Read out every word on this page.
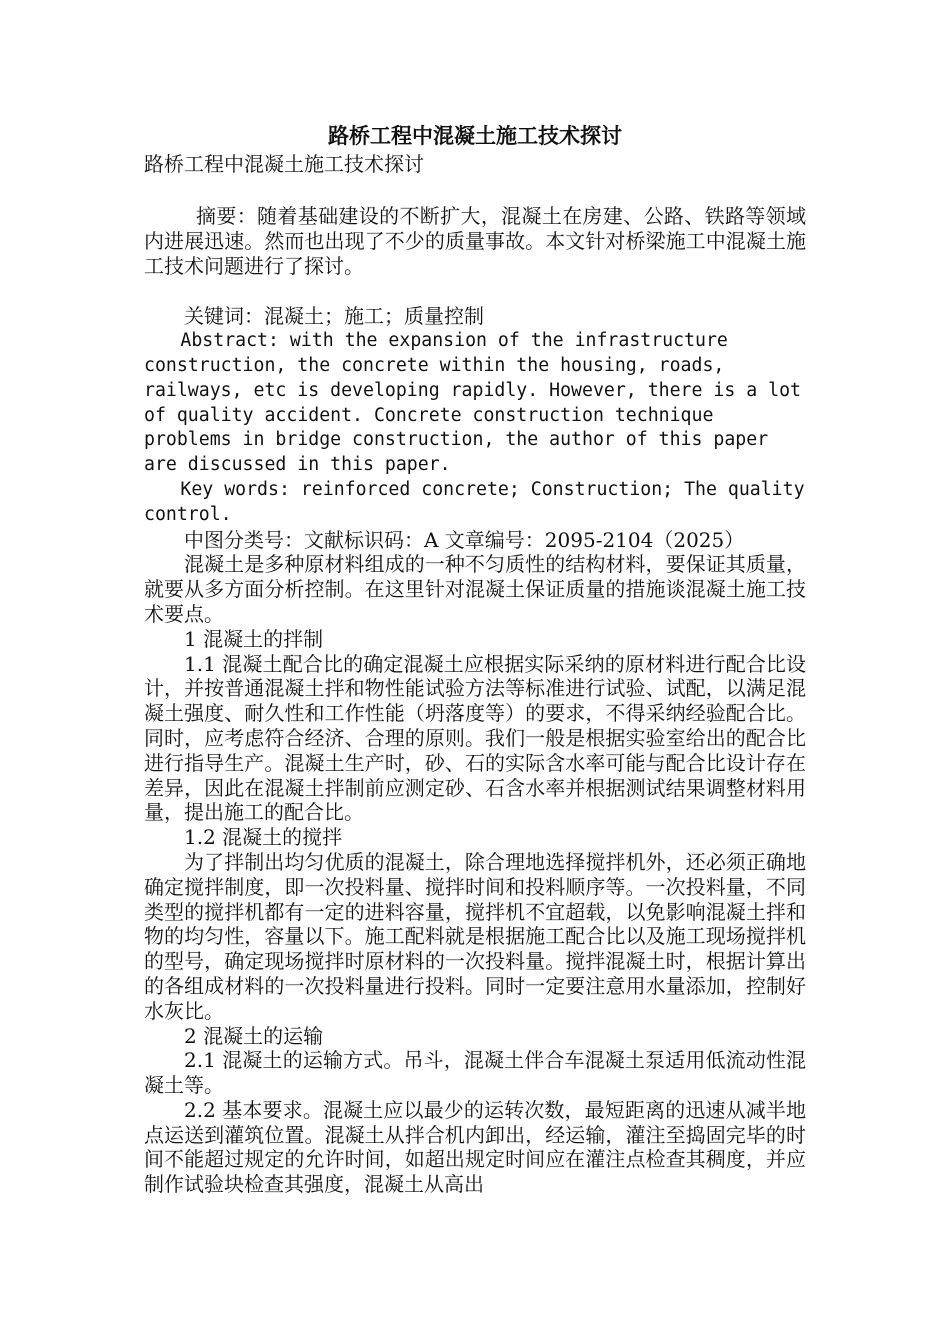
路桥工程中混凝土施工技术探讨

路桥工程中混凝土施工技术探讨

摘要：随着基础建设的不断扩大，混凝土在房建、公路、铁路等领域内进展迅速。然而也出现了不少的质量事故。本文针对桥梁施工中混凝土施工技术问题进行了探讨。

关键词：混凝土；施工；质量控制

Abstract: with the expansion of the infrastructure construction, the concrete within the housing, roads, railways, etc is developing rapidly. However, there is a lot of quality accident. Concrete construction technique problems in bridge construction, the author of this paper are discussed in this paper.

Key words: reinforced concrete; Construction; The quality control.

中图分类号：文献标识码：A 文章编号：2095-2104（2025）

混凝土是多种原材料组成的一种不匀质性的结构材料，要保证其质量，就要从多方面分析控制。在这里针对混凝土保证质量的措施谈混凝土施工技术要点。

1 混凝土的拌制

1.1 混凝土配合比的确定混凝土应根据实际采纳的原材料进行配合比设计，并按普通混凝土拌和物性能试验方法等标准进行试验、试配，以满足混凝土强度、耐久性和工作性能（坍落度等）的要求，不得采纳经验配合比。同时，应考虑符合经济、合理的原则。我们一般是根据实验室给出的配合比进行指导生产。混凝土生产时，砂、石的实际含水率可能与配合比设计存在差异，因此在混凝土拌制前应测定砂、石含水率并根据测试结果调整材料用量，提出施工的配合比。

1.2 混凝土的搅拌

为了拌制出均匀优质的混凝土，除合理地选择搅拌机外，还必须正确地确定搅拌制度，即一次投料量、搅拌时间和投料顺序等。一次投料量，不同类型的搅拌机都有一定的进料容量，搅拌机不宜超载，以免影响混凝土拌和物的均匀性，容量以下。施工配料就是根据施工配合比以及施工现场搅拌机的型号，确定现场搅拌时原材料的一次投料量。搅拌混凝土时，根据计算出的各组成材料的一次投料量进行投料。同时一定要注意用水量添加，控制好水灰比。

2 混凝土的运输

2.1 混凝土的运输方式。吊斗，混凝土伴合车混凝土泵适用低流动性混凝土等。

2.2 基本要求。混凝土应以最少的运转次数，最短距离的迅速从减半地点运送到灌筑位置。混凝土从拌合机内卸出，经运输，灌注至捣固完毕的时间不能超过规定的允许时间，如超出规定时间应在灌注点检查其稠度，并应制作试验块检查其强度，混凝土从高出
